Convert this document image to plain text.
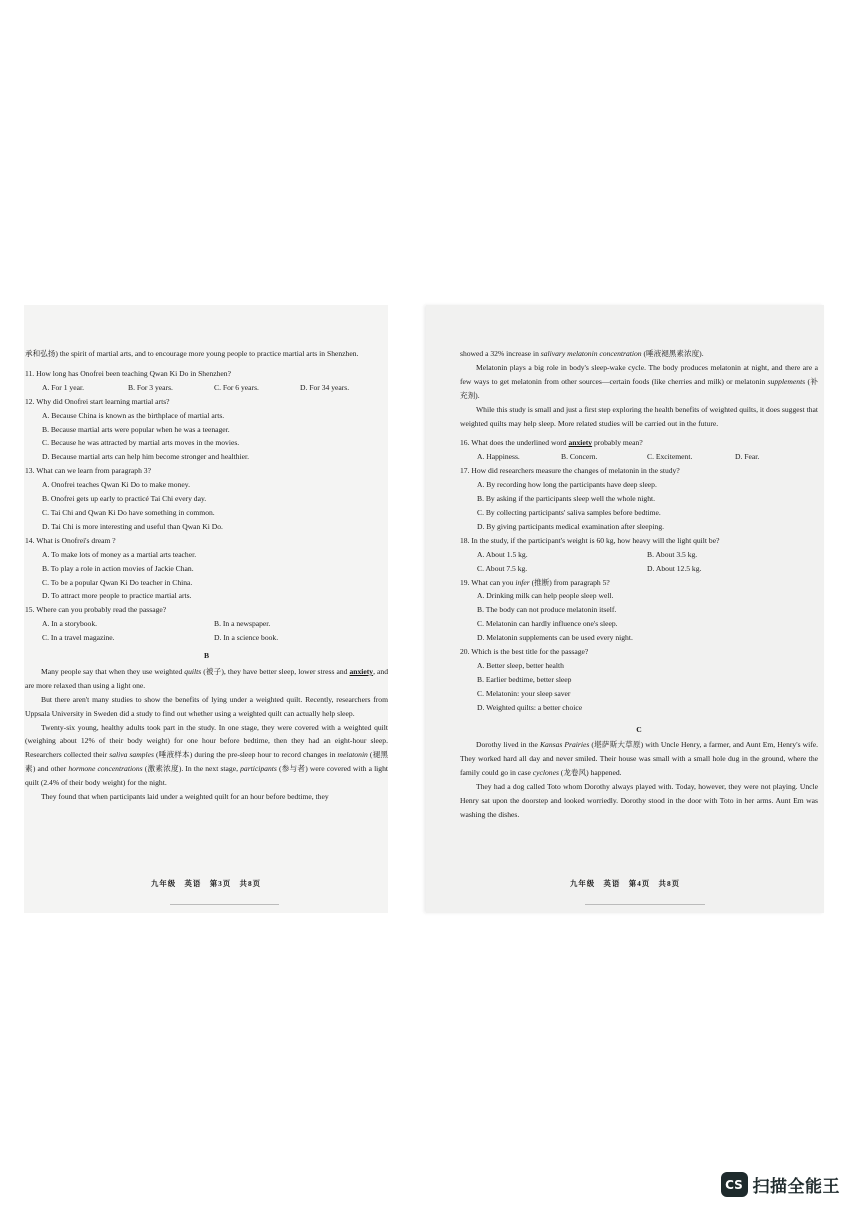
承和弘扬) the spirit of martial arts, and to encourage more young people to practice martial arts in Shenzhen.

11. How long has Onofrei been teaching Qwan Ki Do in Shenzhen?

A. For 1 year.	B. For 3 years.	C. For 6 years.	D. For 34 years.

12. Why did Onofrei start learning martial arts?

A. Because China is known as the birthplace of martial arts.

B. Because martial arts were popular when he was a teenager.

C. Because he was attracted by martial arts moves in the movies.

D. Because martial arts can help him become stronger and healthier.

13. What can we learn from paragraph 3?

A. Onofrei teaches Qwan Ki Do to make money.

B. Onofrei gets up early to practicé Tai Chi every day.

C. Tai Chi and Qwan Ki Do have something in common.

D. Tai Chi is more interesting and useful than Qwan Ki Do.

14. What is Onofrei's dream ?

A. To make lots of money as a martial arts teacher.

B. To play a role in action movies of Jackie Chan.

C. To be a popular Qwan Ki Do teacher in China.

D. To attract more people to practice martial arts.

15. Where can you probably read the passage?

A. In a storybook.	B. In a newspaper.
C. In a travel magazine.	D. In a science book.

B

Many people say that when they use weighted quilts (被子), they have better sleep, lower stress and anxiety, and are more relaxed than using a light one.

But there aren't many studies to show the benefits of lying under a weighted quilt. Recently, researchers from Uppsala University in Sweden did a study to find out whether using a weighted quilt can actually help sleep.

Twenty-six young, healthy adults took part in the study. In one stage, they were covered with a weighted quilt (weighing about 12% of their body weight) for one hour before bedtime, then they had an eight-hour sleep. Researchers collected their saliva samples (唾液样本) during the pre-sleep hour to record changes in melatonin (褪黑素) and other hormone concentrations (激素浓度). In the next stage, participants (参与者) were covered with a light quilt (2.4% of their body weight) for the night.

They found that when participants laid under a weighted quilt for an hour before bedtime, they

九年级　英语　第3页　共8页

showed a 32% increase in salivary melatonin concentration (唾液褪黑素浓度).

Melatonin plays a big role in body's sleep-wake cycle. The body produces melatonin at night, and there are a few ways to get melatonin from other sources—certain foods (like cherries and milk) or melatonin supplements (补充剂).

While this study is small and just a first step exploring the health benefits of weighted quilts, it does suggest that weighted quilts may help sleep. More related studies will be carried out in the future.

16. What does the underlined word anxiety probably mean?

A. Happiness.	B. Concern.	C. Excitement.	D. Fear.

17. How did researchers measure the changes of melatonin in the study?

A. By recording how long the participants have deep sleep.

B. By asking if the participants sleep well the whole night.

C. By collecting participants' saliva samples before bedtime.

D. By giving participants medical examination after sleeping.

18. In the study, if the participant's weight is 60 kg, how heavy will the light quilt be?

A. About 1.5 kg.	B. About 3.5 kg.
C. About 7.5 kg.	D. About 12.5 kg.

19. What can you infer (推断) from paragraph 5?

A. Drinking milk can help people sleep well.

B. The body can not produce melatonin itself.

C. Melatonin can hardly influence one's sleep.

D. Melatonin supplements can be used every night.

20. Which is the best title for the passage?

A. Better sleep, better health

B. Earlier bedtime, better sleep

C. Melatonin: your sleep saver

D. Weighted quilts: a better choice

C

Dorothy lived in the Kansas Prairies (堪萨斯大草原) with Uncle Henry, a farmer, and Aunt Em, Henry's wife. They worked hard all day and never smiled. Their house was small with a small hole dug in the ground, where the family could go in case cyclones (龙卷风) happened.

They had a dog called Toto whom Dorothy always played with. Today, however, they were not playing. Uncle Henry sat upon the doorstep and looked worriedly. Dorothy stood in the door with Toto in her arms. Aunt Em was washing the dishes.

九年级　英语　第4页　共8页
CS 扫描全能王
